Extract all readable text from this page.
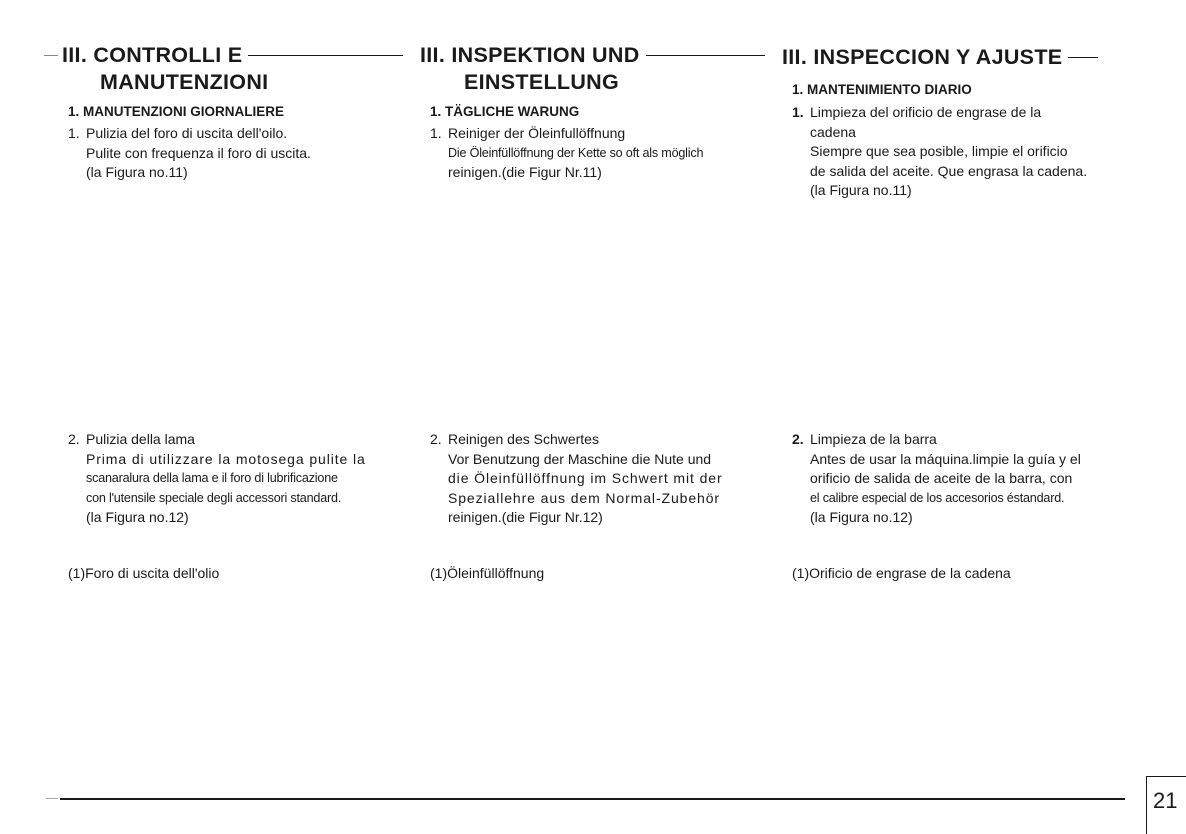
III. CONTROLLI E
MANUTENZIONI
1. MANUTENZIONI GIORNALIERE
1. Pulizia del foro di uscita dell'oilo.
Pulite con frequenza il foro di uscita.
(la Figura no.11)
2. Pulizia della lama
Prima di utilizzare la motosega pulite la
scanaralura della lama e il foro di lubrificazione
con l'utensile speciale degli accessori standard.
(la Figura no.12)
(1)Foro di uscita dell'olio
III. INSPEKTION UND
EINSTELLUNG
1. TÄGLICHE WARUNG
1. Reiniger der Öleinfullöffnung
Die Öleinfüllöffnung der Kette so oft als möglich
reinigen.(die Figur Nr.11)
2. Reinigen des Schwertes
Vor Benutzung der Maschine die Nute und
die Öleinfüllöffnung im Schwert mit der
Speziallehre aus dem Normal-Zubehör
reinigen.(die Figur Nr.12)
(1)Öleinfüllöffnung
III. INSPECCION Y AJUSTE
1. MANTENIMIENTO DIARIO
1. Limpieza del orificio de engrase de la
cadena
Siempre que sea posible, limpie el orificio
de salida del aceite. Que engrasa la cadena.
(la Figura no.11)
2. Limpieza de la barra
Antes de usar la máquina.limpie la guía y el
orificio de salida de aceite de la barra, con
el calibre especial de los accesorios éstandard.
(la Figura no.12)
(1)Orificio de engrase de la cadena
21
